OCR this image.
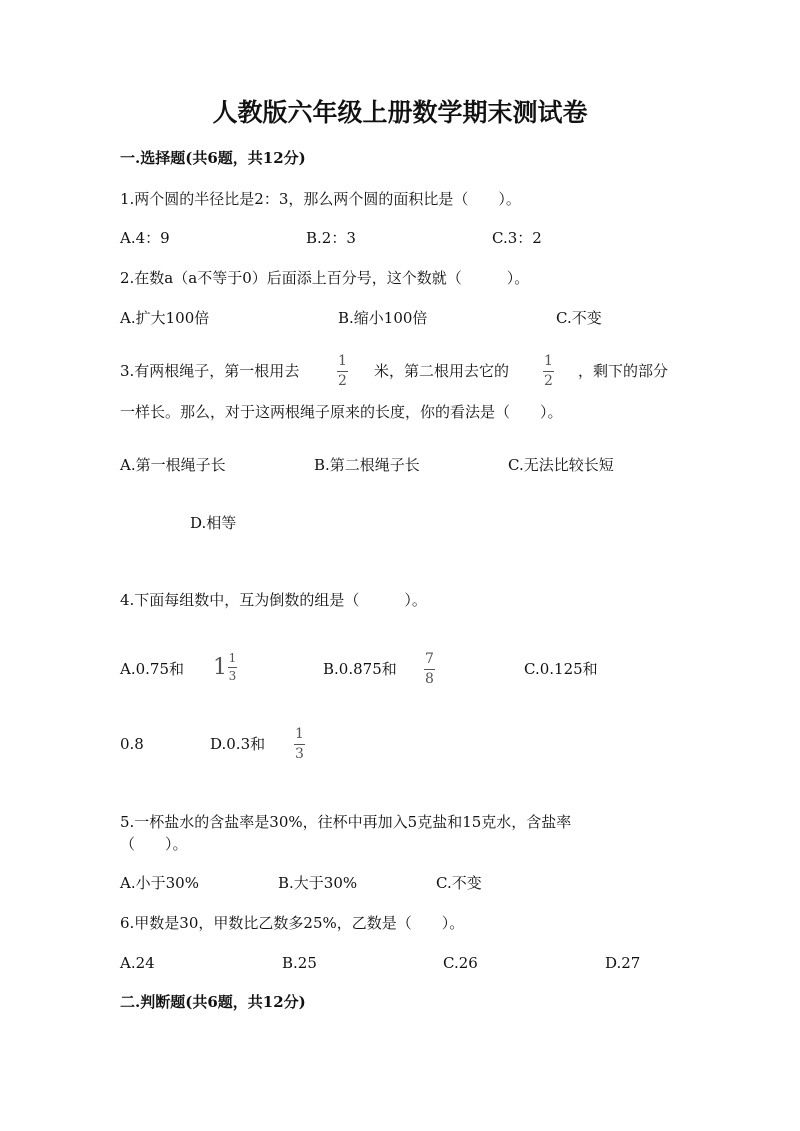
人教版六年级上册数学期末测试卷
一.选择题(共6题，共12分)
1.两个圆的半径比是2：3，那么两个圆的面积比是（　　）。
A.4：9	B.2：3	C.3：2
2.在数a（a不等于0）后面添上百分号，这个数就（　　　）。
A.扩大100倍	B.缩小100倍	C.不变
3.有两根绳子，第一根用去
1
2
米，第二根用去它的
1
2
，剩下的部分
一样长。那么，对于这两根绳子原来的长度，你的看法是（　　）。
A.第一根绳子长	B.第二根绳子长	C.无法比较长短
D.相等
4.下面每组数中，互为倒数的组是（　　　）。
A.0.75和 $1 \frac{1}{3}$	B.0.875和
7
8
C.0.125和
0.8	D.0.3和
1
3
5.一杯盐水的含盐率是30%，往杯中再加入5克盐和15克水，含盐率
（　　）。
A.小于30%	B.大于30%	C.不变
6.甲数是30，甲数比乙数多25%，乙数是（　　）。
A.24	B.25	C.26	D.27
二.判断题(共6题，共12分)
